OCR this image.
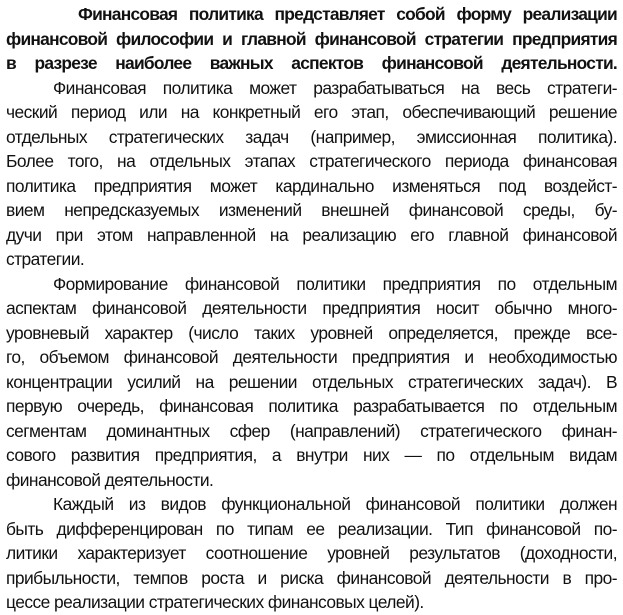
Финансовая политика представляет собой форму реализации
финансовой философии и главной финансовой стратегии предприятия
в разрезе наиболее важных аспектов финансовой деятельности.
Финансовая политика может разрабатываться на весь стратеги-
ческий период или на конкретный его этап, обеспечивающий решение
отдельных стратегических задач (например, эмиссионная политика).
Более того, на отдельных этапах стратегического периода финансовая
политика предприятия может кардинально изменяться под воздейст-
вием непредсказуемых изменений внешней финансовой среды, бу-
дучи при этом направленной на реализацию его главной финансовой
стратегии.
Формирование финансовой политики предприятия по отдельным
аспектам финансовой деятельности предприятия носит обычно много-
уровневый характер (число таких уровней определяется, прежде все-
го, объемом финансовой деятельности предприятия и необходимостью
концентрации усилий на решении отдельных стратегических задач). В
первую очередь, финансовая политика разрабатывается по отдельным
сегментам доминантных сфер (направлений) стратегического финан-
сового развития предприятия, а внутри них — по отдельным видам
финансовой деятельности.
Каждый из видов функциональной финансовой политики должен
быть дифференцирован по типам ее реализации. Тип финансовой по-
литики характеризует соотношение уровней результатов (доходности,
прибыльности, темпов роста и риска финансовой деятельности в про-
цессе реализации стратегических финансовых целей).
